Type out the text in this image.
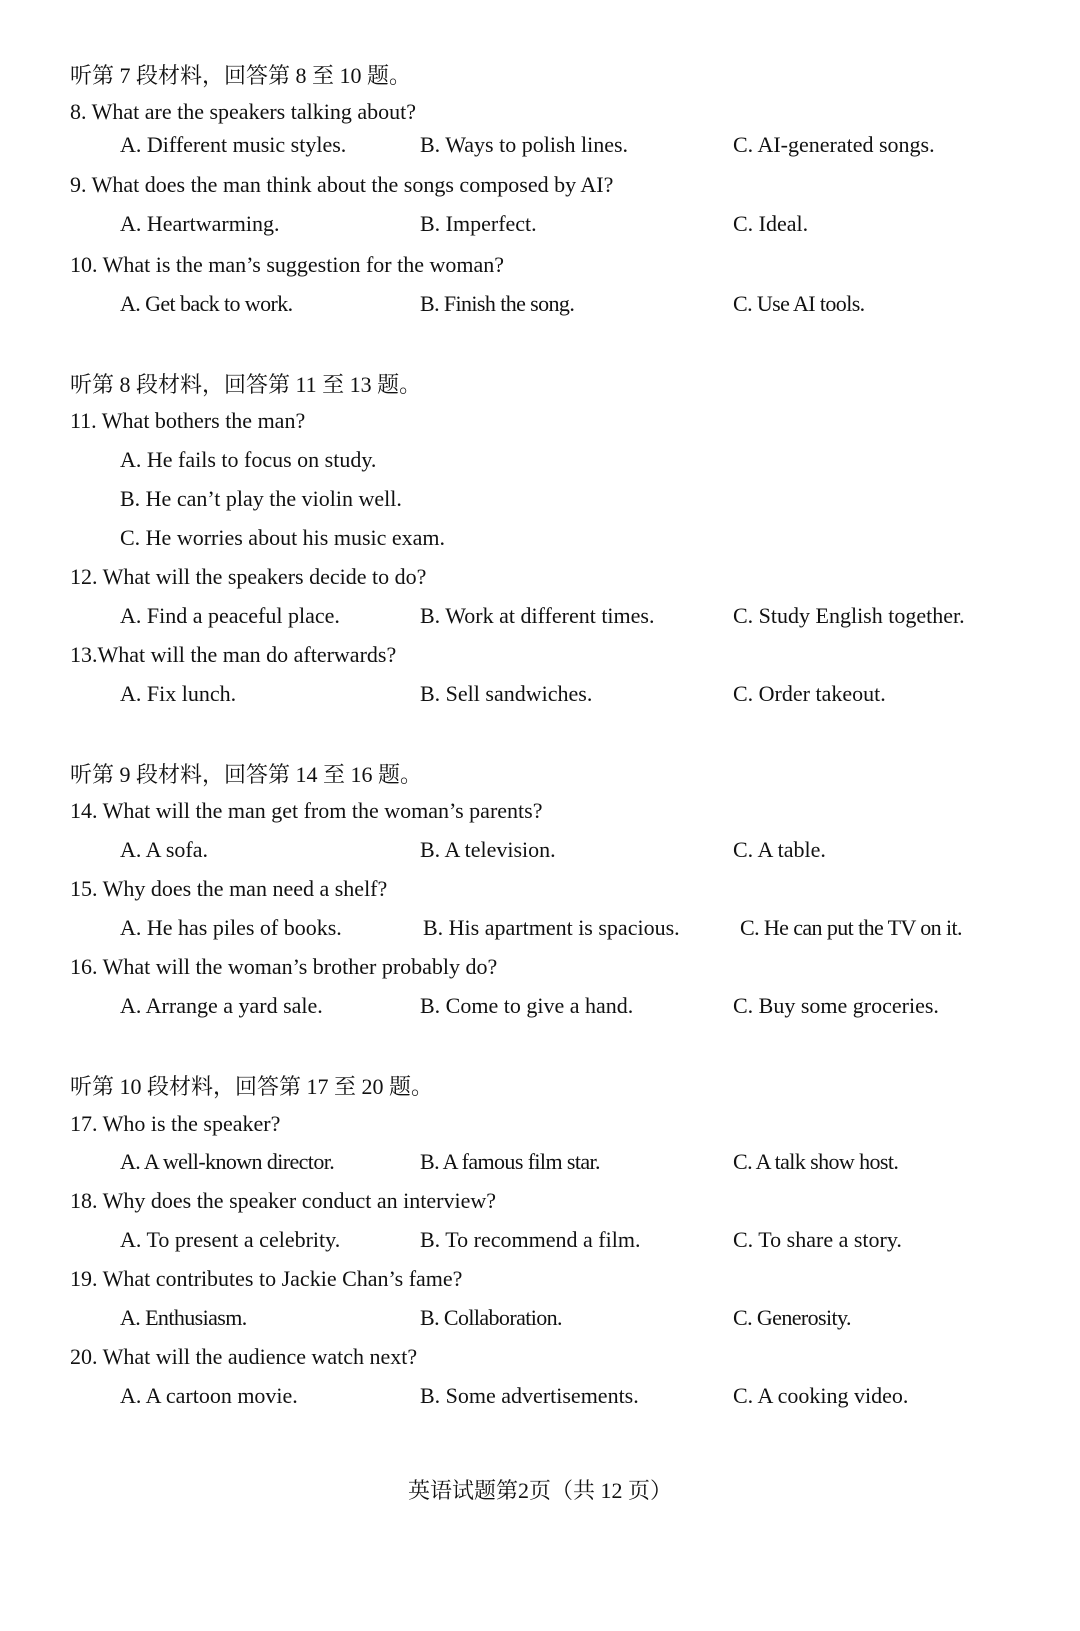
听第 7 段材料，回答第 8 至 10 题。
8. What are the speakers talking about?
A. Different music styles.	B. Ways to polish lines.	C. AI-generated songs.
9. What does the man think about the songs composed by AI?
A. Heartwarming.	B. Imperfect.	C. Ideal.
10. What is the man’s suggestion for the woman?
A. Get back to work.	B. Finish the song.	C. Use AI tools.
听第 8 段材料，回答第 11 至 13 题。
11. What bothers the man?
A. He fails to focus on study.
B. He can’t play the violin well.
C. He worries about his music exam.
12. What will the speakers decide to do?
A. Find a peaceful place.	B. Work at different times.	C. Study English together.
13.What will the man do afterwards?
A. Fix lunch.	B. Sell sandwiches.	C. Order takeout.
听第 9 段材料，回答第 14 至 16 题。
14. What will the man get from the woman’s parents?
A. A sofa.	B. A television.	C. A table.
15. Why does the man need a shelf?
A. He has piles of books.	B. His apartment is spacious.	C. He can put the TV on it.
16. What will the woman’s brother probably do?
A. Arrange a yard sale.	B. Come to give a hand.	C. Buy some groceries.
听第 10 段材料，回答第 17 至 20 题。
17. Who is the speaker?
A. A well-known director.	B. A famous film star.	C. A talk show host.
18. Why does the speaker conduct an interview?
A. To present a celebrity.	B. To recommend a film.	C. To share a story.
19. What contributes to Jackie Chan’s fame?
A. Enthusiasm.	B. Collaboration.	C. Generosity.
20. What will the audience watch next?
A. A cartoon movie.	B. Some advertisements.	C. A cooking video.
英语试题第2页（共 12 页）
